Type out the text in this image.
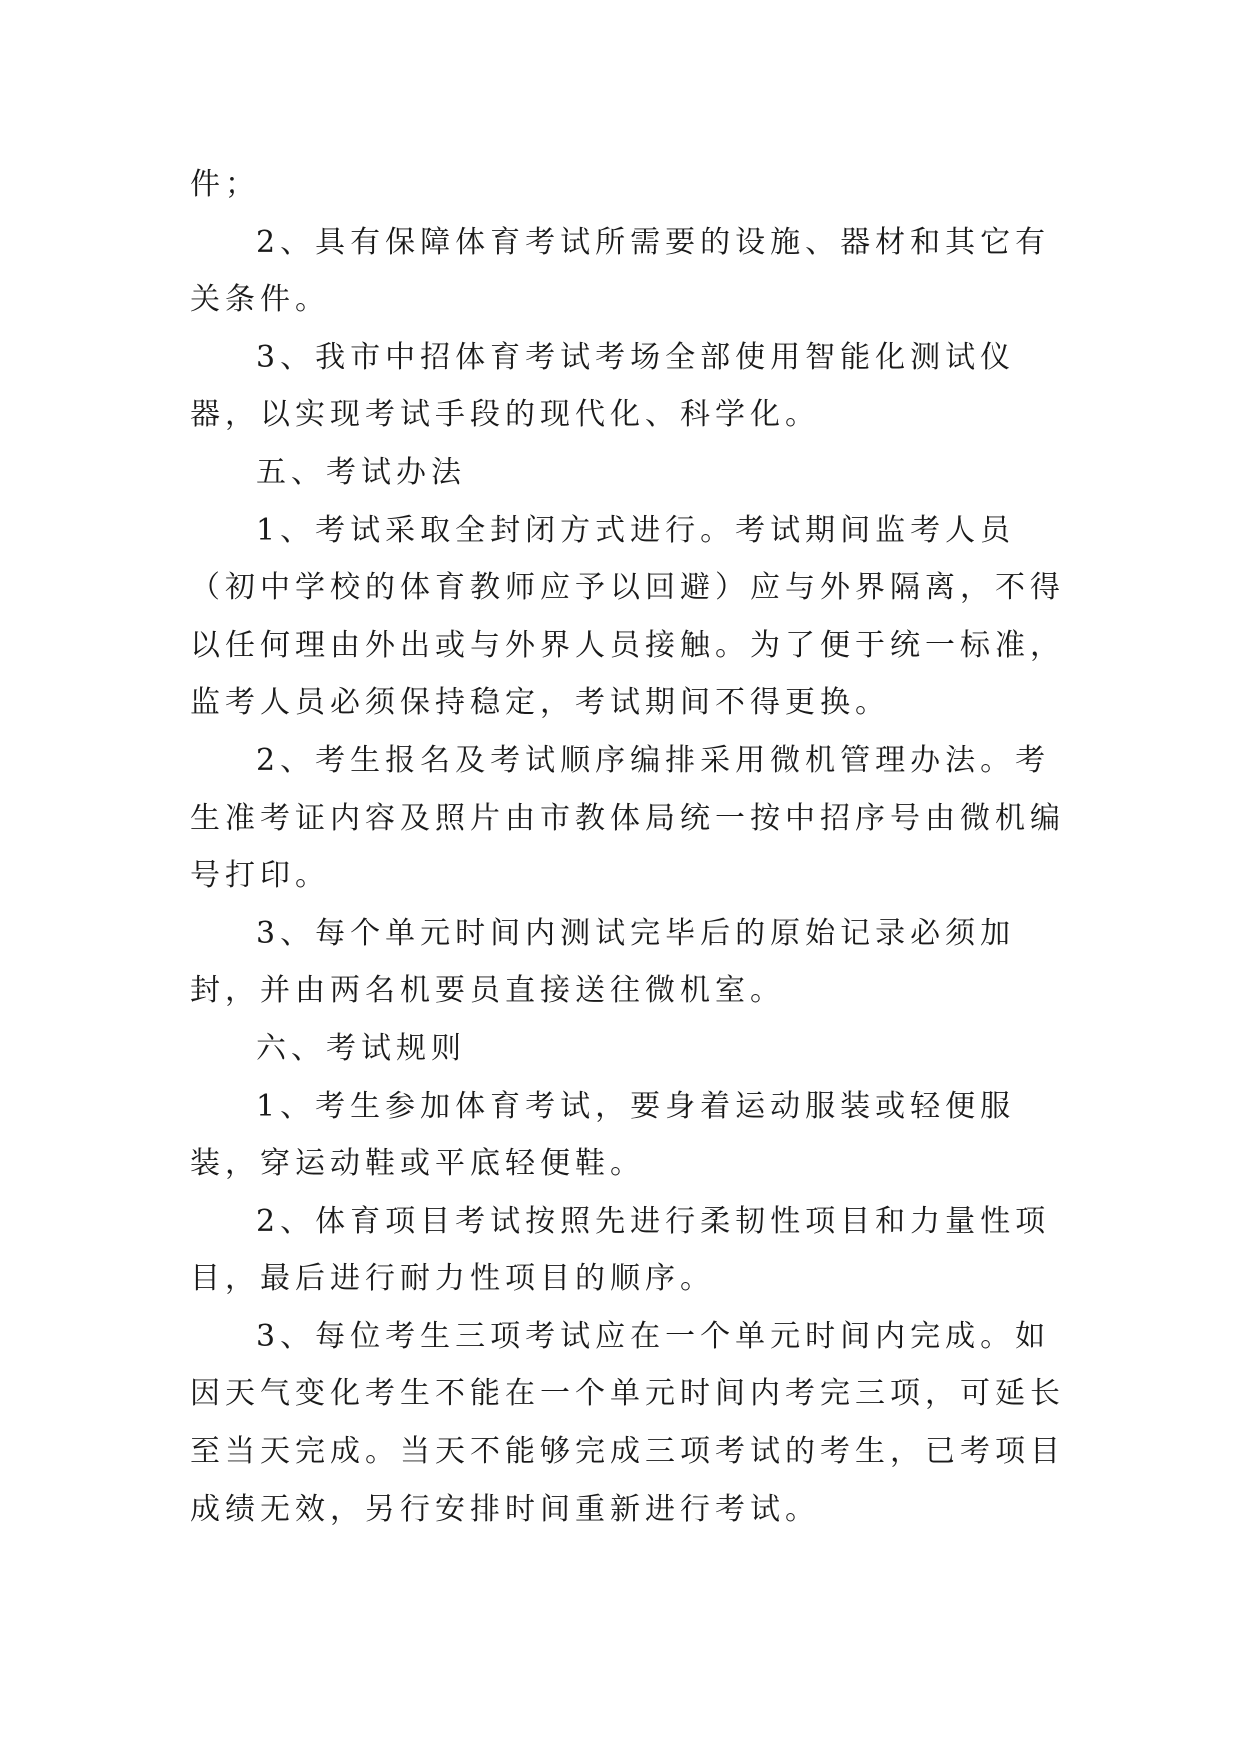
件；

2、具有保障体育考试所需要的设施、器材和其它有关条件。

3、我市中招体育考试考场全部使用智能化测试仪器，以实现考试手段的现代化、科学化。

五、考试办法

1、考试采取全封闭方式进行。考试期间监考人员（初中学校的体育教师应予以回避）应与外界隔离，不得以任何理由外出或与外界人员接触。为了便于统一标准，监考人员必须保持稳定，考试期间不得更换。

2、考生报名及考试顺序编排采用微机管理办法。考生准考证内容及照片由市教体局统一按中招序号由微机编号打印。

3、每个单元时间内测试完毕后的原始记录必须加封，并由两名机要员直接送往微机室。

六、考试规则

1、考生参加体育考试，要身着运动服装或轻便服装，穿运动鞋或平底轻便鞋。

2、体育项目考试按照先进行柔韧性项目和力量性项目，最后进行耐力性项目的顺序。

3、每位考生三项考试应在一个单元时间内完成。如因天气变化考生不能在一个单元时间内考完三项，可延长至当天完成。当天不能够完成三项考试的考生，已考项目成绩无效，另行安排时间重新进行考试。
